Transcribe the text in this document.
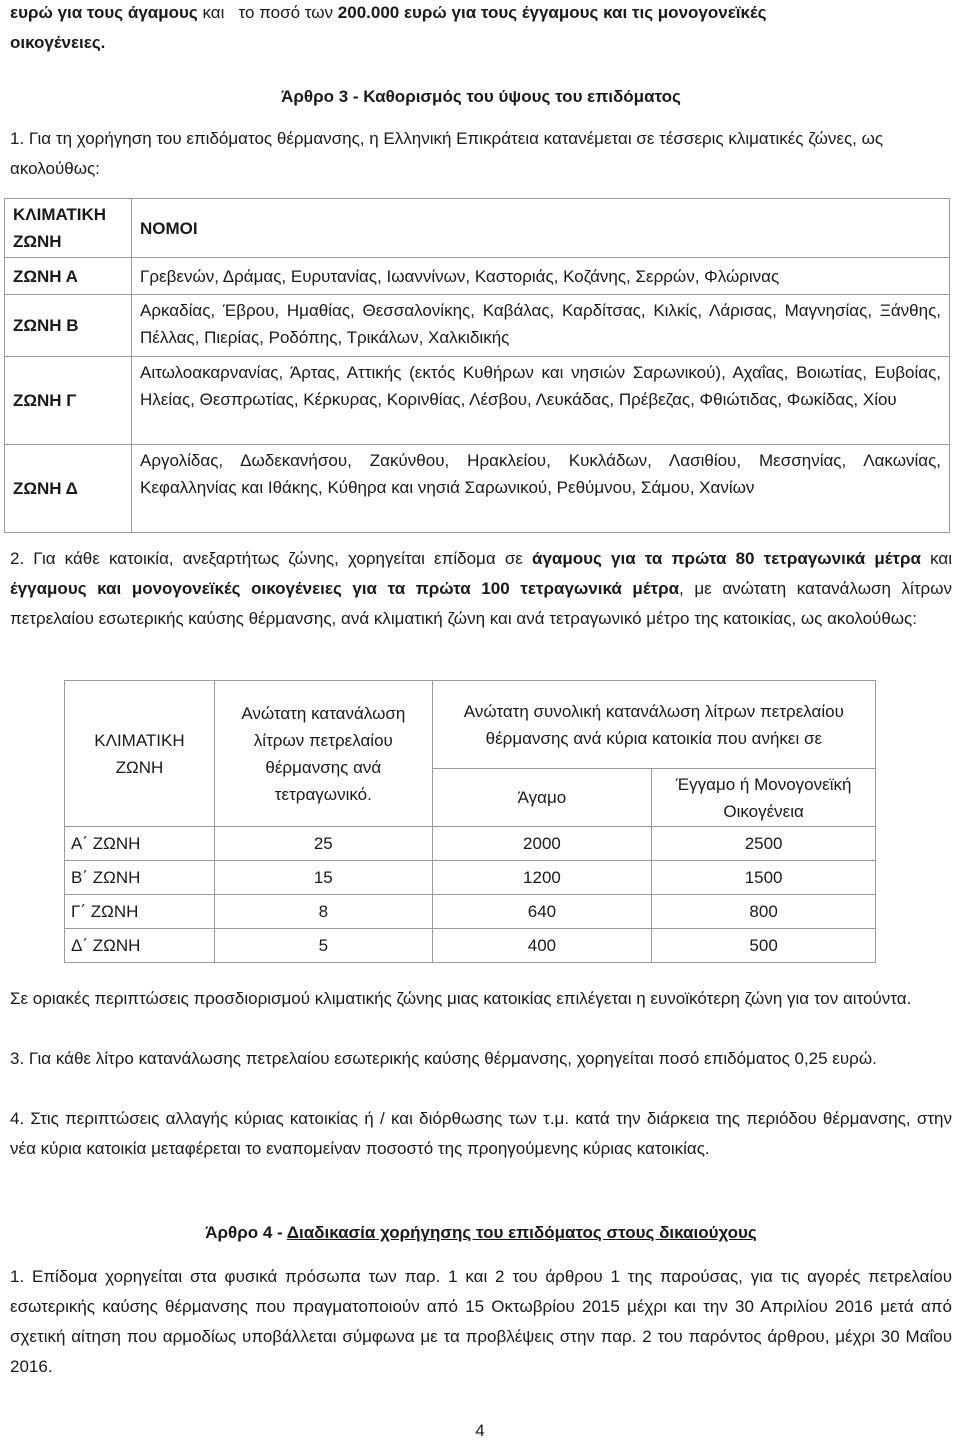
ευρώ για τους άγαμους και   το ποσό των 200.000 ευρώ για τους έγγαμους και τις μονογονεϊκές
οικογένειες.

Άρθρο 3 - Καθορισμός του ύψους του επιδόματος

1. Για τη χορήγηση του επιδόματος θέρμανσης, η Ελληνική Επικράτεια κατανέμεται σε τέσσερις κλιματικές ζώνες, ως ακολούθως:

ΚΛΙΜΑΤΙΚΗ ΖΩΝΗ	ΝΟΜΟΙ
ΖΩΝΗ Α	Γρεβενών, Δράμας, Ευρυτανίας, Ιωαννίνων, Καστοριάς, Κοζάνης, Σερρών, Φλώρινας
ΖΩΝΗ Β	Αρκαδίας, Έβρου, Ημαθίας, Θεσσαλονίκης, Καβάλας, Καρδίτσας, Κιλκίς, Λάρισας, Μαγνησίας, Ξάνθης, Πέλλας, Πιερίας, Ροδόπης, Τρικάλων, Χαλκιδικής
ΖΩΝΗ Γ	Αιτωλοακαρνανίας, Άρτας, Αττικής (εκτός Κυθήρων και νησιών Σαρωνικού), Αχαΐας, Βοιωτίας, Ευβοίας, Ηλείας, Θεσπρωτίας, Κέρκυρας, Κορινθίας, Λέσβου, Λευκάδας, Πρέβεζας, Φθιώτιδας, Φωκίδας, Χίου
ΖΩΝΗ Δ	Αργολίδας, Δωδεκανήσου, Ζακύνθου, Ηρακλείου, Κυκλάδων, Λασιθίου, Μεσσηνίας, Λακωνίας, Κεφαλληνίας και Ιθάκης, Κύθηρα και νησιά Σαρωνικού, Ρεθύμνου, Σάμου, Χανίων

2. Για κάθε κατοικία, ανεξαρτήτως ζώνης, χορηγείται επίδομα σε άγαμους για τα πρώτα 80 τετραγωνικά μέτρα και έγγαμους και μονογονεϊκές οικογένειες για τα πρώτα 100 τετραγωνικά μέτρα, με ανώτατη κατανάλωση λίτρων πετρελαίου εσωτερικής καύσης θέρμανσης, ανά κλιματική ζώνη και ανά τετραγωνικό μέτρο της κατοικίας, ως ακολούθως:

ΚΛΙΜΑΤΙΚΗ ΖΩΝΗ	Ανώτατη κατανάλωση λίτρων πετρελαίου θέρμανσης ανά τετραγωνικό.	Ανώτατη συνολική κατανάλωση λίτρων πετρελαίου θέρμανσης ανά κύρια κατοικία που ανήκει σε	
		Άγαμο	Έγγαμο ή Μονογονεϊκή Οικογένεια
Α΄ ΖΩΝΗ	25	2000	2500
Β΄ ΖΩΝΗ	15	1200	1500
Γ΄ ΖΩΝΗ	8	640	800
Δ΄ ΖΩΝΗ	5	400	500

Σε οριακές περιπτώσεις προσδιορισμού κλιματικής ζώνης μιας κατοικίας επιλέγεται η ευνοϊκότερη ζώνη για τον αιτούντα.

3. Για κάθε λίτρο κατανάλωσης πετρελαίου εσωτερικής καύσης θέρμανσης, χορηγείται ποσό επιδόματος 0,25 ευρώ.

4. Στις περιπτώσεις αλλαγής κύριας κατοικίας ή / και διόρθωσης των τ.μ. κατά την διάρκεια της περιόδου θέρμανσης, στην νέα κύρια κατοικία μεταφέρεται το εναπομείναν ποσοστό της προηγούμενης κύριας κατοικίας.

Άρθρο 4 - Διαδικασία χορήγησης του επιδόματος στους δικαιούχους

1. Επίδομα χορηγείται στα φυσικά πρόσωπα των παρ. 1 και 2 του άρθρου 1 της παρούσας, για τις αγορές πετρελαίου εσωτερικής καύσης θέρμανσης που πραγματοποιούν από 15 Οκτωβρίου 2015 μέχρι και την 30 Απριλίου 2016 μετά από σχετική αίτηση που αρμοδίως υποβάλλεται σύμφωνα με τα προβλέψεις στην παρ. 2 του παρόντος άρθρου, μέχρι 30 Μαΐου 2016.

4
